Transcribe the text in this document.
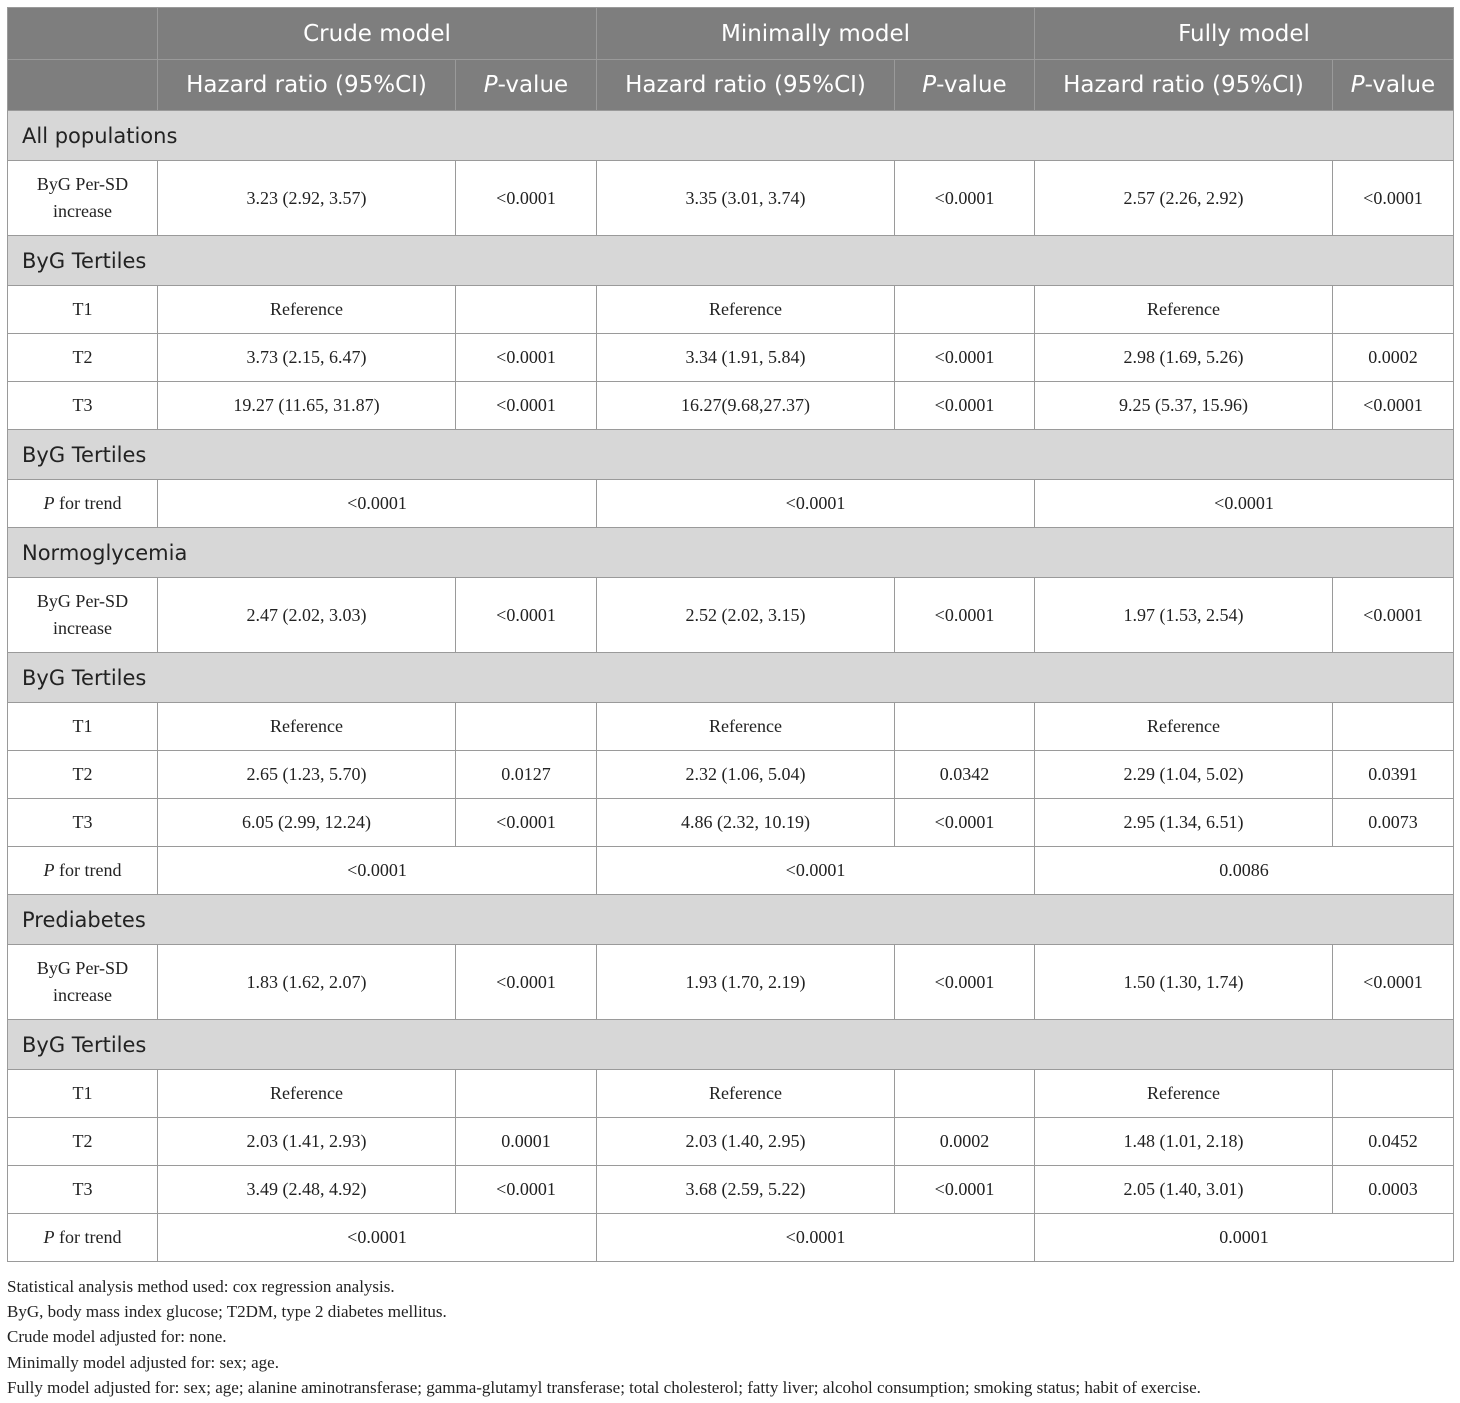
	Crude model		Minimally model		Fully model	
	Hazard ratio (95%CI)	P-value	Hazard ratio (95%CI)	P-value	Hazard ratio (95%CI)	P-value
All populations						
ByG Per-SD increase	3.23 (2.92, 3.57)	<0.0001	3.35 (3.01, 3.74)	<0.0001	2.57 (2.26, 2.92)	<0.0001
ByG Tertiles						
T1	Reference		Reference		Reference	
T2	3.73 (2.15, 6.47)	<0.0001	3.34 (1.91, 5.84)	<0.0001	2.98 (1.69, 5.26)	0.0002
T3	19.27 (11.65, 31.87)	<0.0001	16.27(9.68,27.37)	<0.0001	9.25 (5.37, 15.96)	<0.0001
ByG Tertiles						
P for trend	<0.0001		<0.0001		<0.0001	
Normoglycemia						
ByG Per-SD increase	2.47 (2.02, 3.03)	<0.0001	2.52 (2.02, 3.15)	<0.0001	1.97 (1.53, 2.54)	<0.0001
ByG Tertiles						
T1	Reference		Reference		Reference	
T2	2.65 (1.23, 5.70)	0.0127	2.32 (1.06, 5.04)	0.0342	2.29 (1.04, 5.02)	0.0391
T3	6.05 (2.99, 12.24)	<0.0001	4.86 (2.32, 10.19)	<0.0001	2.95 (1.34, 6.51)	0.0073
P for trend	<0.0001		<0.0001		0.0086	
Prediabetes						
ByG Per-SD increase	1.83 (1.62, 2.07)	<0.0001	1.93 (1.70, 2.19)	<0.0001	1.50 (1.30, 1.74)	<0.0001
ByG Tertiles						
T1	Reference		Reference		Reference	
T2	2.03 (1.41, 2.93)	0.0001	2.03 (1.40, 2.95)	0.0002	1.48 (1.01, 2.18)	0.0452
T3	3.49 (2.48, 4.92)	<0.0001	3.68 (2.59, 5.22)	<0.0001	2.05 (1.40, 3.01)	0.0003
P for trend	<0.0001		<0.0001		0.0001	
Statistical analysis method used: cox regression analysis.
ByG, body mass index glucose; T2DM, type 2 diabetes mellitus.
Crude model adjusted for: none.
Minimally model adjusted for: sex; age.
Fully model adjusted for: sex; age; alanine aminotransferase; gamma-glutamyl transferase; total cholesterol; fatty liver; alcohol consumption; smoking status; habit of exercise.
